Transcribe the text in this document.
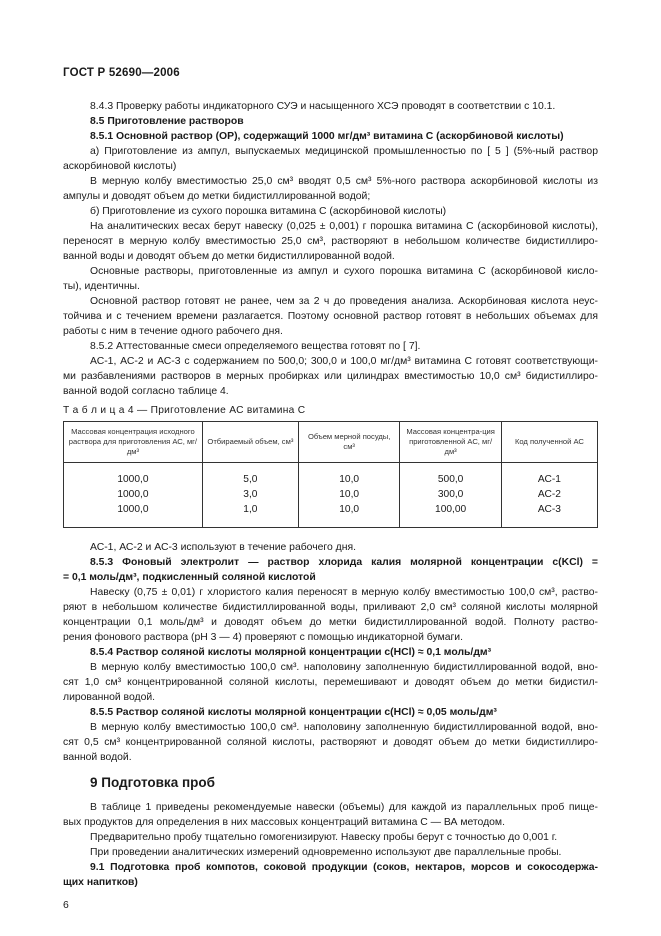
ГОСТ Р 52690—2006
8.4.3 Проверку работы индикаторного СУЭ и насыщенного ХСЭ проводят в соответствии с 10.1.
8.5 Приготовление растворов
8.5.1 Основной раствор (ОР), содержащий 1000 мг/дм³ витамина С (аскорбиновой кислоты)
а) Приготовление из ампул, выпускаемых медицинской промышленностью по [ 5 ] (5%-ный раствор
аскорбиновой кислоты)
В мерную колбу вместимостью 25,0 см³ вводят 0,5 см³ 5%-ного раствора аскорбиновой кислоты из
ампулы и доводят объем до метки бидистиллированной водой;
б) Приготовление из сухого порошка витамина С (аскорбиновой кислоты)
На аналитических весах берут навеску (0,025 ± 0,001) г порошка витамина С (аскорбиновой кислоты),
переносят в мерную колбу вместимостью 25,0 см³, растворяют в небольшом количестве бидистиллиро-
ванной воды и доводят объем до метки бидистиллированной водой.
Основные растворы, приготовленные из ампул и сухого порошка витамина С (аскорбиновой кисло-
ты), идентичны.
Основной раствор готовят не ранее, чем за 2 ч до проведения анализа. Аскорбиновая кислота неус-
тойчива и с течением времени разлагается. Поэтому основной раствор готовят в небольших объемах для
работы с ним в течение одного рабочего дня.
8.5.2 Аттестованные смеси определяемого вещества готовят по [ 7].
АС-1, АС-2 и АС-3 с содержанием по 500,0; 300,0 и 100,0 мг/дм³ витамина С готовят соответствующи-
ми разбавлениями растворов в мерных пробирках или цилиндрах вместимостью 10,0 см³ бидистиллиро-
ванной водой согласно таблице 4.
Т а б л и ц а 4 — Приготовление АС витамина С
Массовая концентрация исходного раствора для приготовления АС, мг/дм³	Отбираемый объем, см³	Объем мерной посуды, см³	Массовая концентра-ция приготовленной АС, мг/дм³	Код полученной АС

1000,0	5,0	10,0	500,0	АС-1
1000,0	3,0	10,0	300,0	АС-2
1000,0	1,0	10,0	100,00	АС-3

АС-1, АС-2 и АС-3 используют в течение рабочего дня.
8.5.3 Фоновый электролит — раствор хлорида калия молярной концентрации c(KCl) =
= 0,1 моль/дм³, подкисленный соляной кислотой
Навеску (0,75 ± 0,01) г хлористого калия переносят в мерную колбу вместимостью 100,0 см³, раство-
ряют в небольшом количестве бидистиллированной воды, приливают 2,0 см³ соляной кислоты молярной
концентрации 0,1 моль/дм³ и доводят объем до метки бидистиллированной водой. Полноту раство-
рения фонового раствора (рН 3 — 4) проверяют с помощью индикаторной бумаги.
8.5.4 Раствор соляной кислоты молярной концентрации c(HCl) ≈ 0,1 моль/дм³
В мерную колбу вместимостью 100,0 см³. наполовину заполненную бидистиллированной водой, вно-
сят 1,0 см³ концентрированной соляной кислоты, перемешивают и доводят объем до метки бидистил-
лированной водой.
8.5.5 Раствор соляной кислоты молярной концентрации c(HCl) ≈ 0,05 моль/дм³
В мерную колбу вместимостью 100,0 см³. наполовину заполненную бидистиллированной водой, вно-
сят 0,5 см³ концентрированной соляной кислоты, растворяют и доводят объем до метки бидистиллиро-
ванной водой.
9 Подготовка проб
В таблице 1 приведены рекомендуемые навески (объемы) для каждой из параллельных проб пище-
вых продуктов для определения в них массовых концентраций витамина С — ВА методом.
Предварительно пробу тщательно гомогенизируют. Навеску пробы берут с точностью до 0,001 г.
При проведении аналитических измерений одновременно используют две параллельные пробы.
9.1 Подготовка проб компотов, соковой продукции (соков, нектаров, морсов и сокосодержа-
щих напитков)
6
